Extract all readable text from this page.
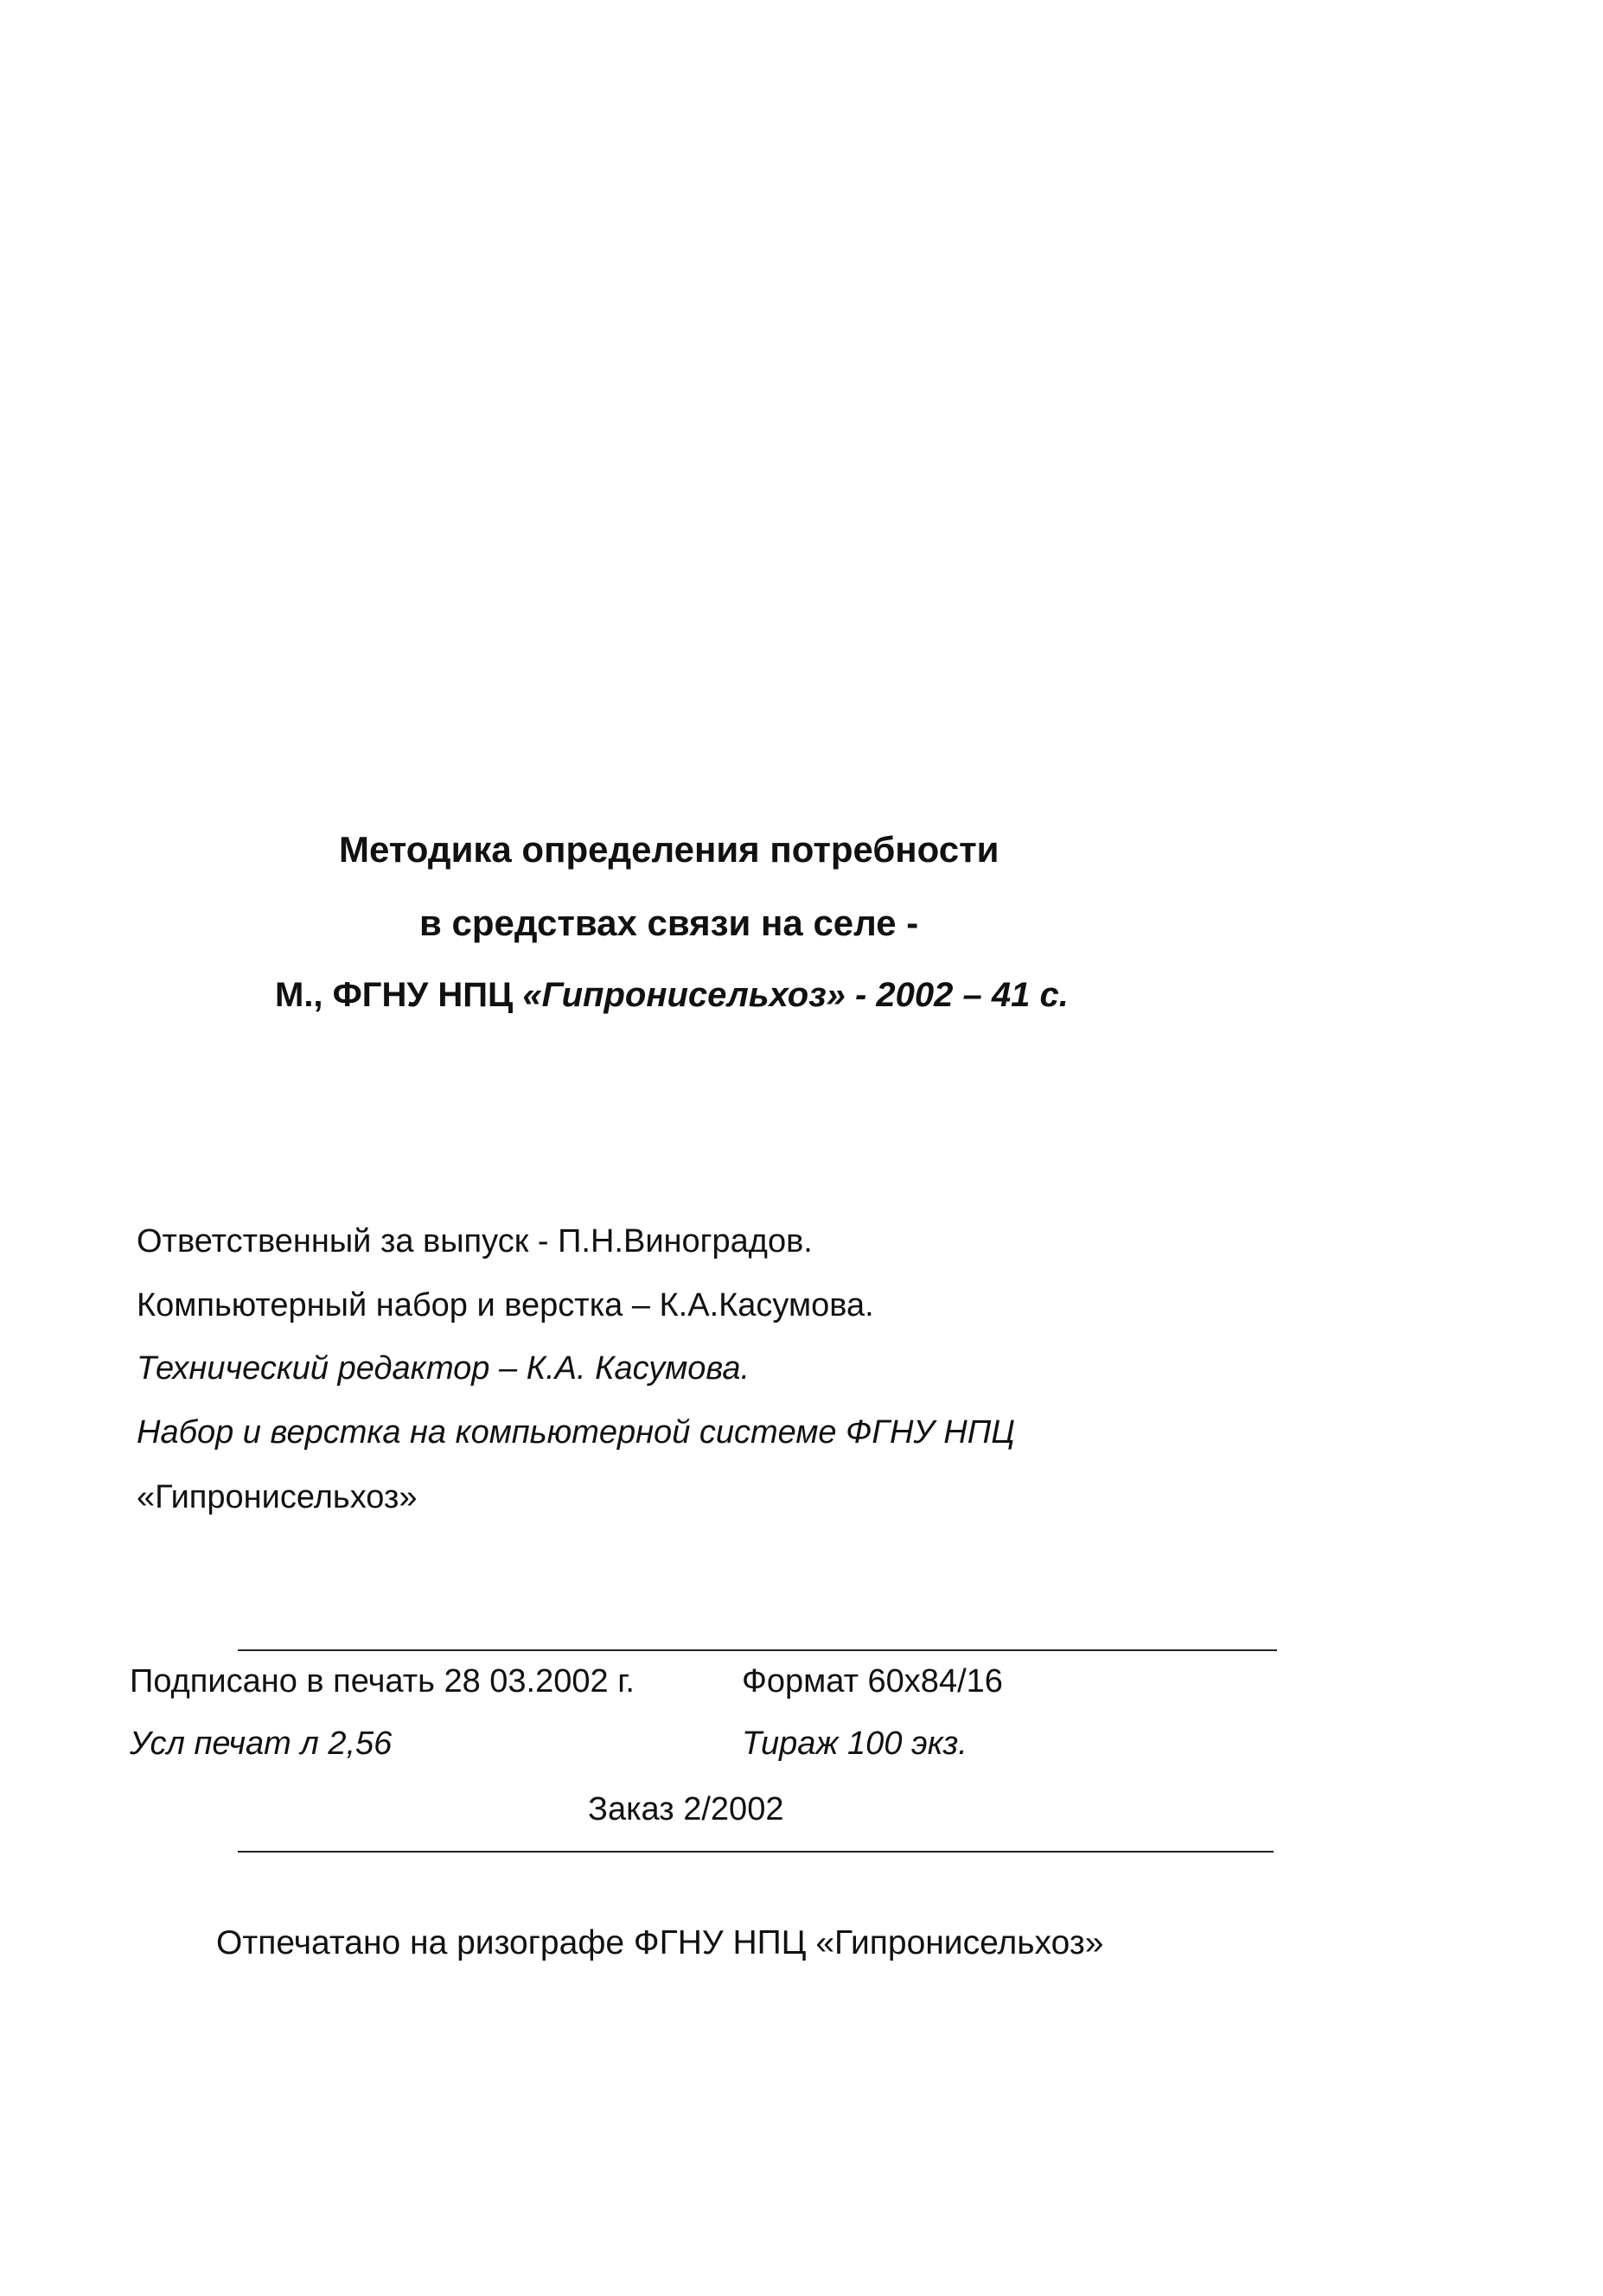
Методика определения потребности
в средствах связи на селе -
М., ФГНУ НПЦ «Гипронисельхоз» - 2002 – 41 с.
Ответственный за выпуск - П.Н.Виноградов.
Компьютерный набор и верстка – К.А.Касумова.
Технический редактор – К.А. Касумова.
Набор и верстка на компьютерной системе ФГНУ НПЦ
«Гипронисельхоз»
Подписано в печать 28 03.2002 г.	Формат 60х84/16
Усл печат л 2,56	Тираж 100 экз.
Заказ 2/2002
Отпечатано на ризографе ФГНУ НПЦ «Гипронисельхоз»
